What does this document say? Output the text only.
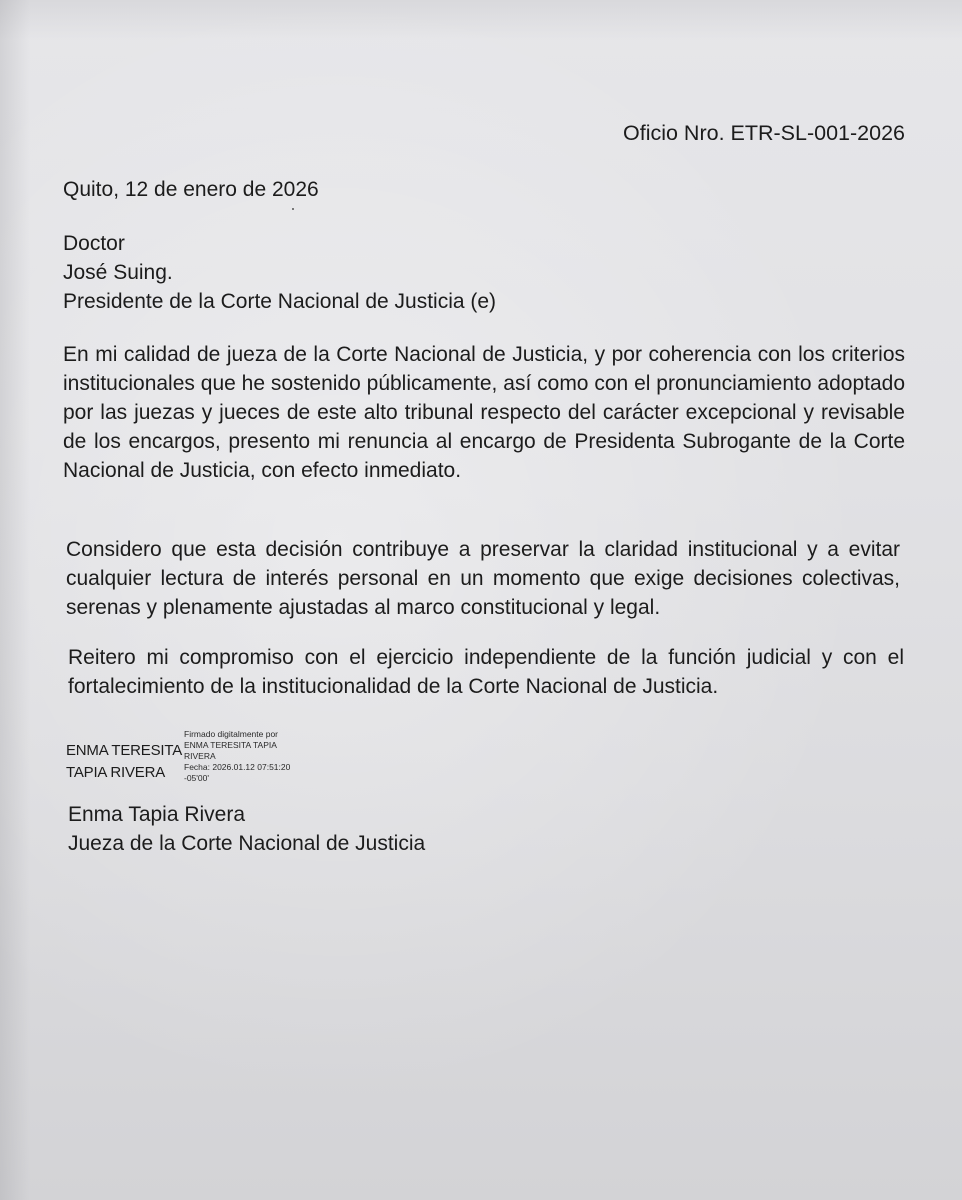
Oficio Nro. ETR-SL-001-2026
Quito, 12 de enero de 2026
Doctor
José Suing.
Presidente de la Corte Nacional de Justicia (e)
En mi calidad de jueza de la Corte Nacional de Justicia, y por coherencia con los criterios institucionales que he sostenido públicamente, así como con el pronunciamiento adoptado por las juezas y jueces de este alto tribunal respecto del carácter excepcional y revisable de los encargos, presento mi renuncia al encargo de Presidenta Subrogante de la Corte Nacional de Justicia, con efecto inmediato.
Considero que esta decisión contribuye a preservar la claridad institucional y a evitar cualquier lectura de interés personal en un momento que exige decisiones colectivas, serenas y plenamente ajustadas al marco constitucional y legal.
Reitero mi compromiso con el ejercicio independiente de la función judicial y con el fortalecimiento de la institucionalidad de la Corte Nacional de Justicia.
ENMA TERESITA
TAPIA RIVERA
Firmado digitalmente por
ENMA TERESITA TAPIA
RIVERA
Fecha: 2026.01.12 07:51:20
-05'00'
Enma Tapia Rivera
Jueza de la Corte Nacional de Justicia
